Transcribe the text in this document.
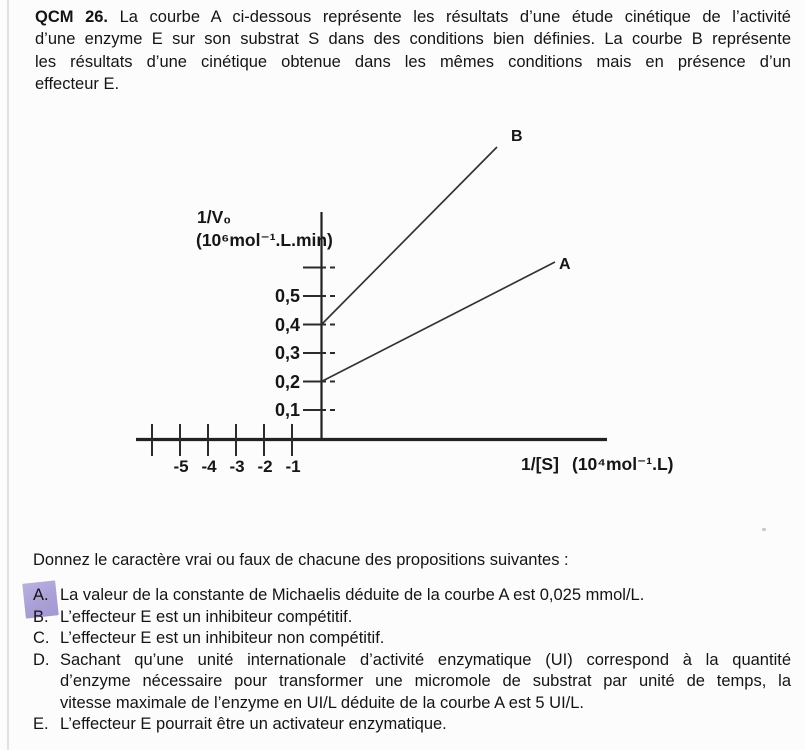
QCM 26. La courbe A ci-dessous représente les résultats d’une étude cinétique de l’activité
d’une enzyme E sur son substrat S dans des conditions bien définies. La courbe B représente
les résultats d’une cinétique obtenue dans les mêmes conditions mais en présence d’un
effecteur E.
1/V₀
(10⁶mol⁻¹.L.min)
0,5
0,4
0,3
0,2
0,1
-5 -4 -3 -2 -1
B
A
1/[S] (10⁴mol⁻¹.L)
Donnez le caractère vrai ou faux de chacune des propositions suivantes :
A. La valeur de la constante de Michaelis déduite de la courbe A est 0,025 mmol/L.
B. L’effecteur E est un inhibiteur compétitif.
C. L’effecteur E est un inhibiteur non compétitif.
D. Sachant qu’une unité internationale d’activité enzymatique (UI) correspond à la quantité
d’enzyme nécessaire pour transformer une micromole de substrat par unité de temps, la
vitesse maximale de l’enzyme en UI/L déduite de la courbe A est 5 UI/L.
E. L’effecteur E pourrait être un activateur enzymatique.
